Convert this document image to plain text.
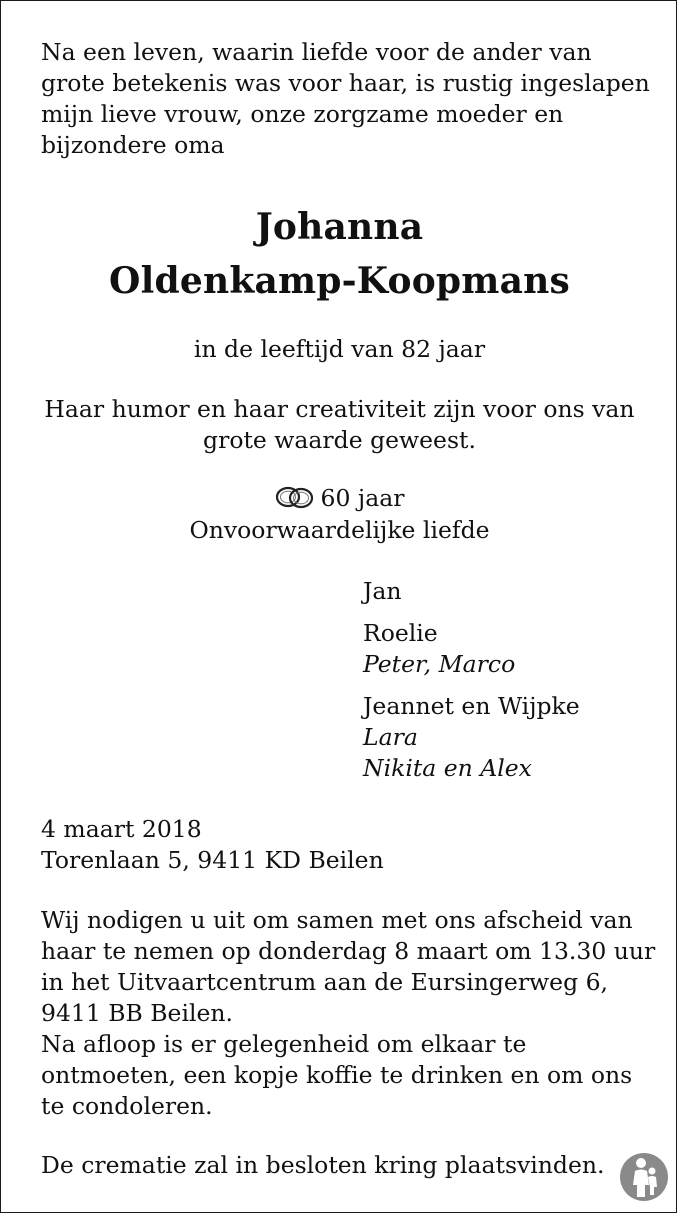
Na een leven, waarin liefde voor de ander van
grote betekenis was voor haar, is rustig ingeslapen
mijn lieve vrouw, onze zorgzame moeder en
bijzondere oma
Johanna
Oldenkamp-Koopmans
in de leeftijd van 82 jaar
Haar humor en haar creativiteit zijn voor ons van
grote waarde geweest.
60 jaar
Onvoorwaardelijke liefde
Jan
Roelie
Peter, Marco
Jeannet en Wijpke
Lara
Nikita en Alex
4 maart 2018
Torenlaan 5, 9411 KD Beilen
Wij nodigen u uit om samen met ons afscheid van
haar te nemen op donderdag 8 maart om 13.30 uur
in het Uitvaartcentrum aan de Eursingerweg 6,
9411 BB Beilen.
Na afloop is er gelegenheid om elkaar te
ontmoeten, een kopje koffie te drinken en om ons
te condoleren.
De crematie zal in besloten kring plaatsvinden.
